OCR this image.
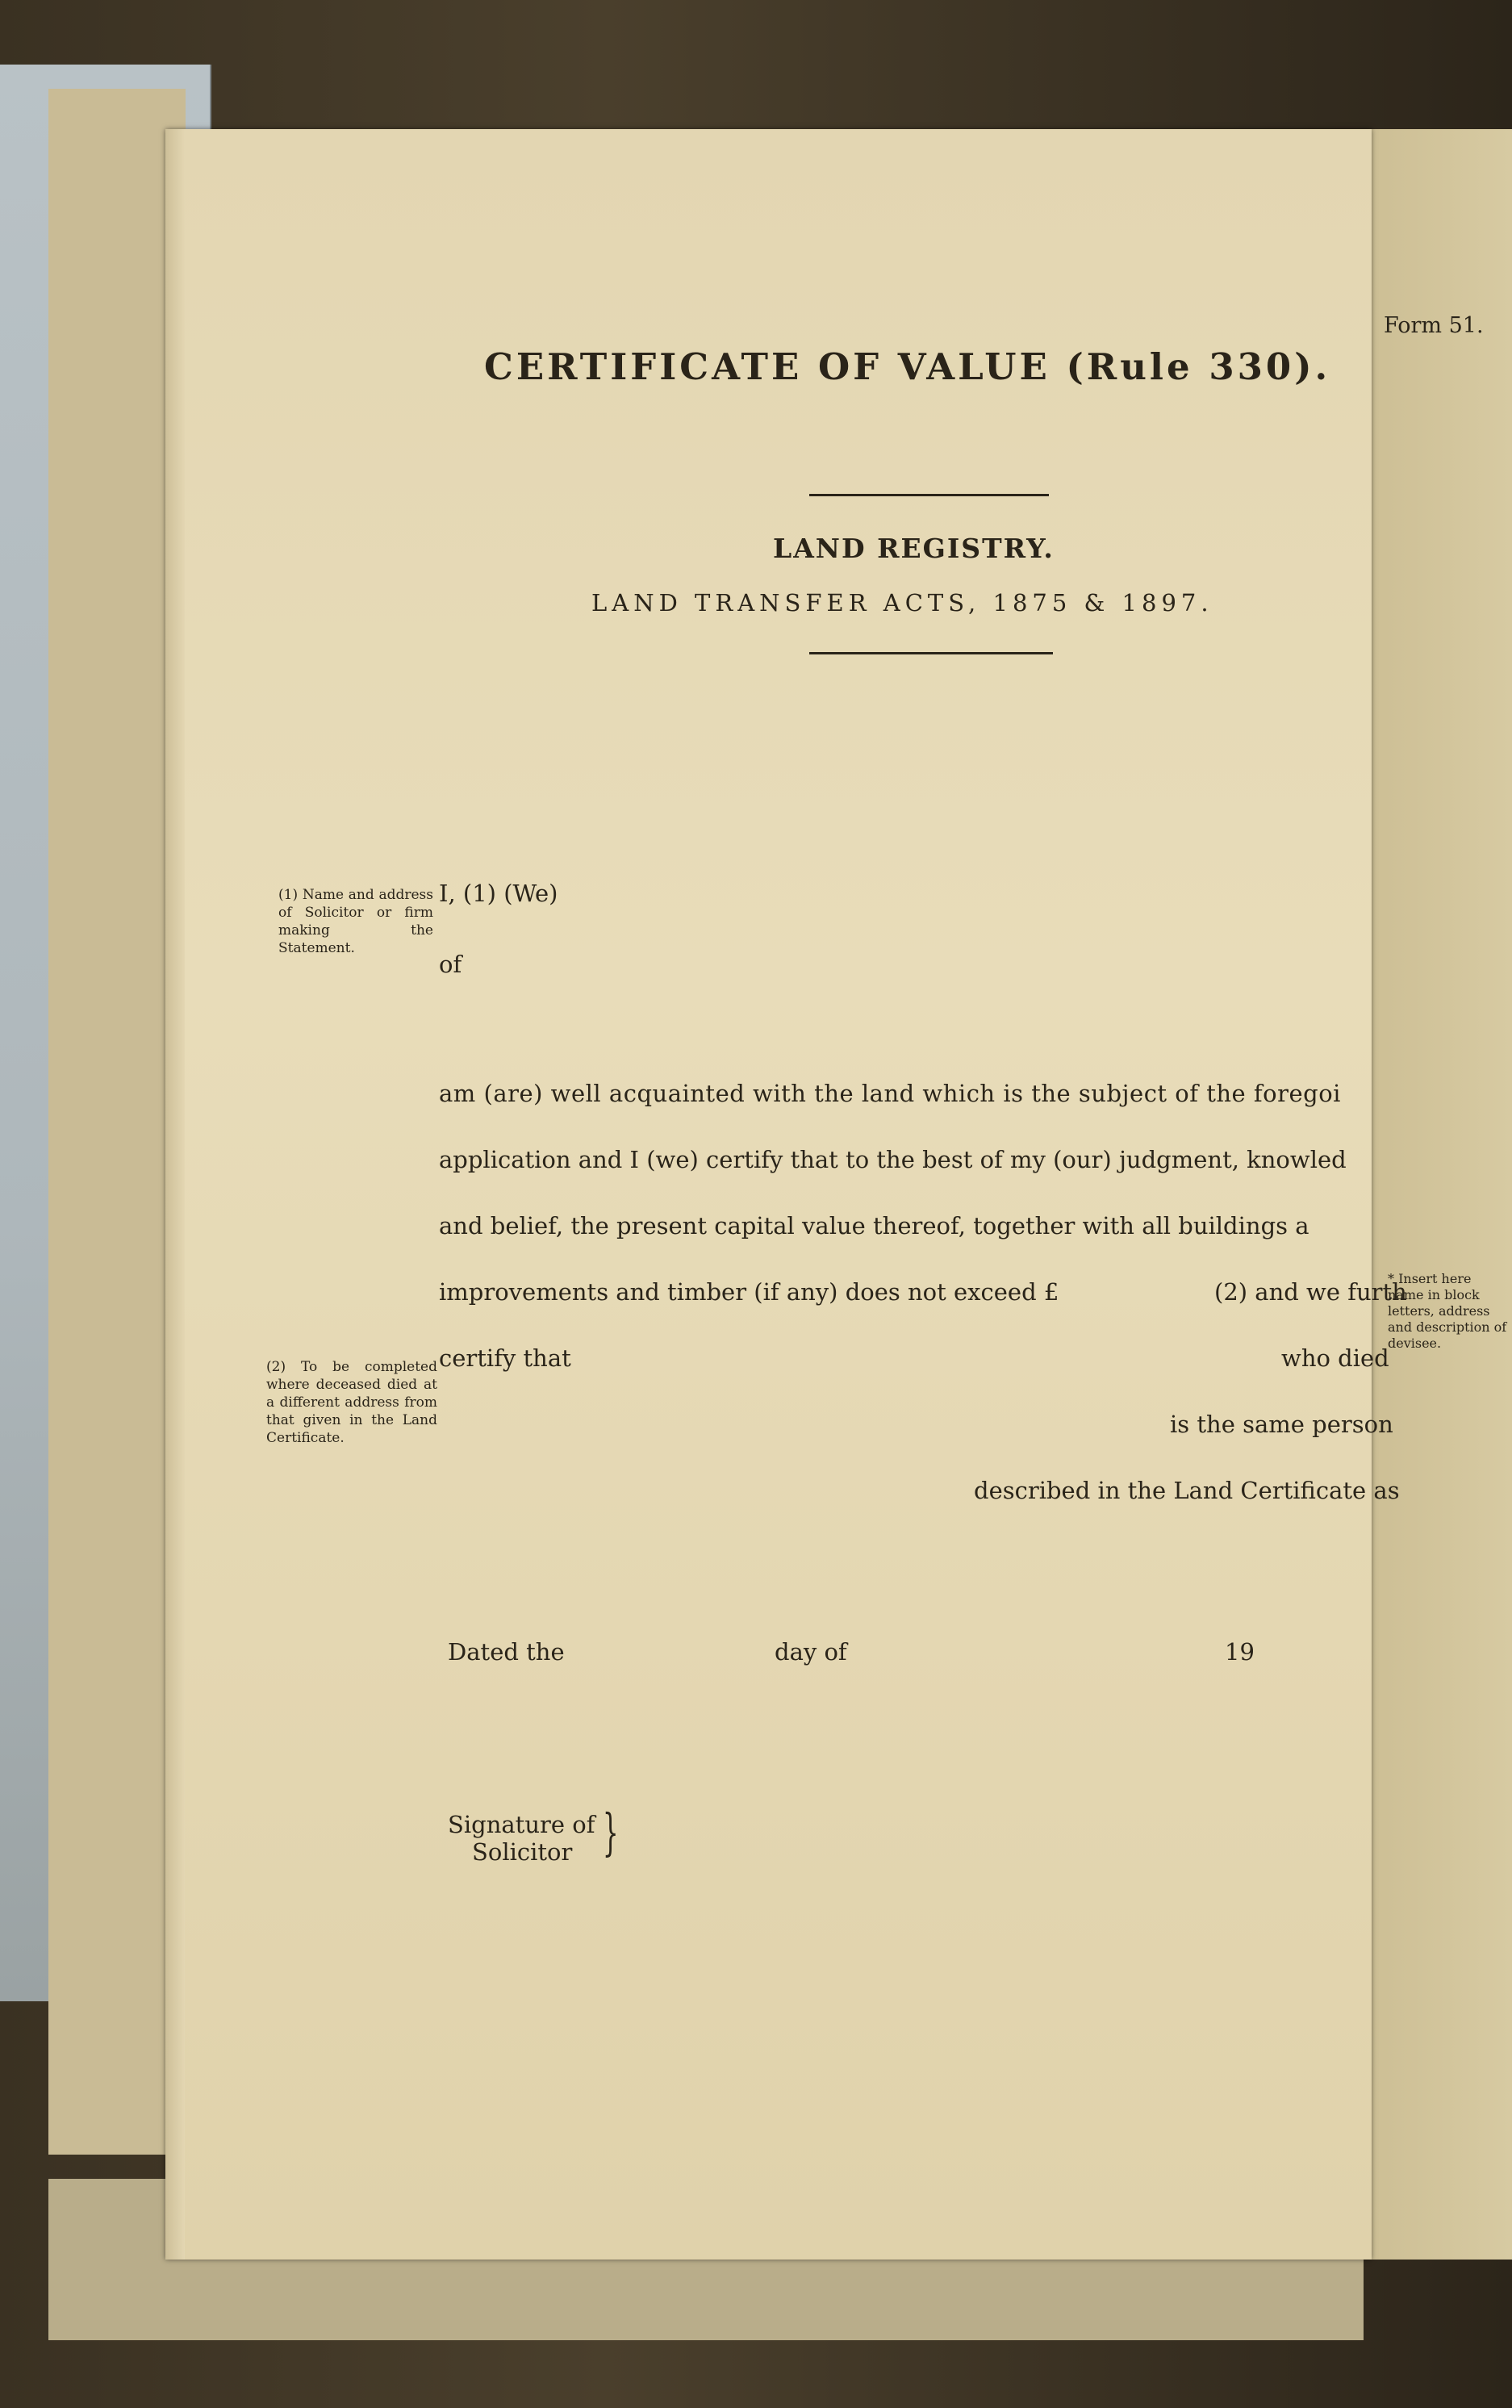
Form 51.
CERTIFICATE OF VALUE (Rule 330).
LAND REGISTRY.
LAND TRANSFER ACTS, 1875 & 1897.
(1) Name and address of Solicitor or firm making the Statement.
(2) To be completed where deceased died at a different address from that given in the Land Certificate.
* Insert here name in block letters, address and description of devisee.
I, (1) (We)
of
am (are) well acquainted with the land which is the subject of the foregoi
application and I (we) certify that to the best of my (our) judgment, knowled
and belief, the present capital value thereof, together with all buildings a
improvements and timber (if any) does not exceed £	(2) and we furth
certify that	who died
is the same person
described in the Land Certificate as
Dated the	day of	19
Signature of
Solicitor }
